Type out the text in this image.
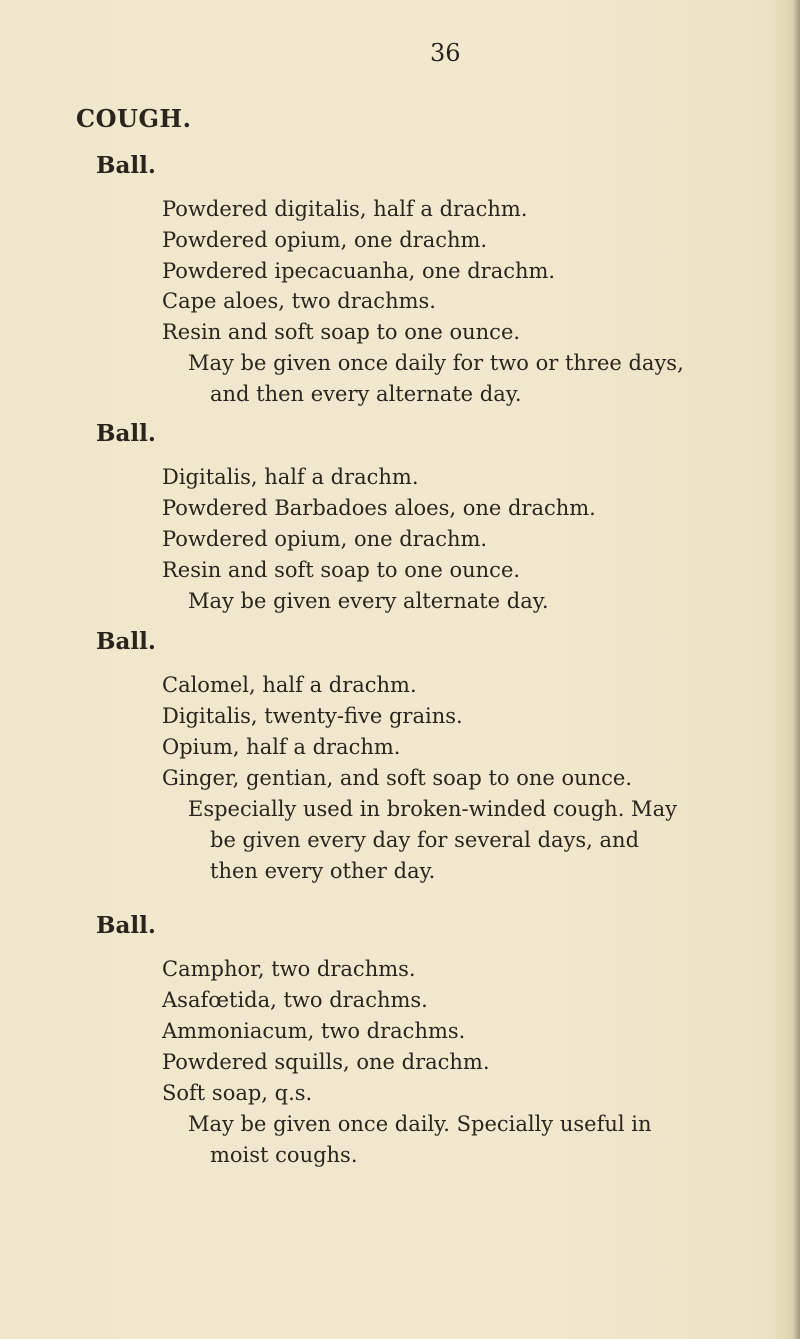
36
COUGH.
Ball.
Powdered digitalis, half a drachm.
Powdered opium, one drachm.
Powdered ipecacuanha, one drachm.
Cape aloes, two drachms.
Resin and soft soap to one ounce.
May be given once daily for two or three days,
and then every alternate day.
Ball.
Digitalis, half a drachm.
Powdered Barbadoes aloes, one drachm.
Powdered opium, one drachm.
Resin and soft soap to one ounce.
May be given every alternate day.
Ball.
Calomel, half a drachm.
Digitalis, twenty-five grains.
Opium, half a drachm.
Ginger, gentian, and soft soap to one ounce.
Especially used in broken-winded cough. May
be given every day for several days, and
then every other day.
Ball.
Camphor, two drachms.
Asafœtida, two drachms.
Ammoniacum, two drachms.
Powdered squills, one drachm.
Soft soap, q.s.
May be given once daily. Specially useful in
moist coughs.
